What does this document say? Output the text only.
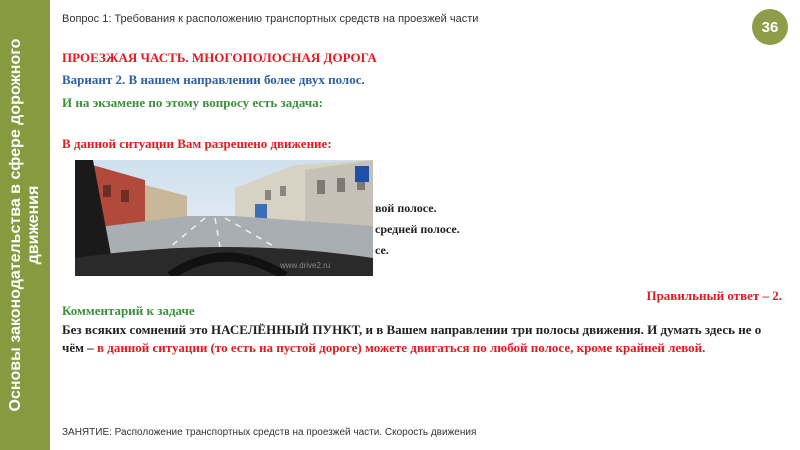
Основы законодательства в сфере дорожного движения
Вопрос 1: Требования к расположению транспортных средств на проезжей части	36
ПРОЕЗЖАЯ ЧАСТЬ. МНОГОПОЛОСНАЯ ДОРОГА
Вариант 2. В нашем направлении более двух полос.
И на экзамене по этому вопросу есть задача:
В данной ситуации Вам разрешено движение:
вой полосе.
средней полосе.
се.
www.drive2.ru
Правильный ответ – 2.
Комментарий к задаче
Без всяких сомнений это НАСЕЛЁННЫЙ ПУНКТ, и в Вашем направлении три полосы движения. И думать здесь не о чём – в данной ситуации (то есть на пустой дороге) можете двигаться по любой полосе, кроме крайней левой.
ЗАНЯТИЕ: Расположение транспортных средств на проезжей части. Скорость движения
